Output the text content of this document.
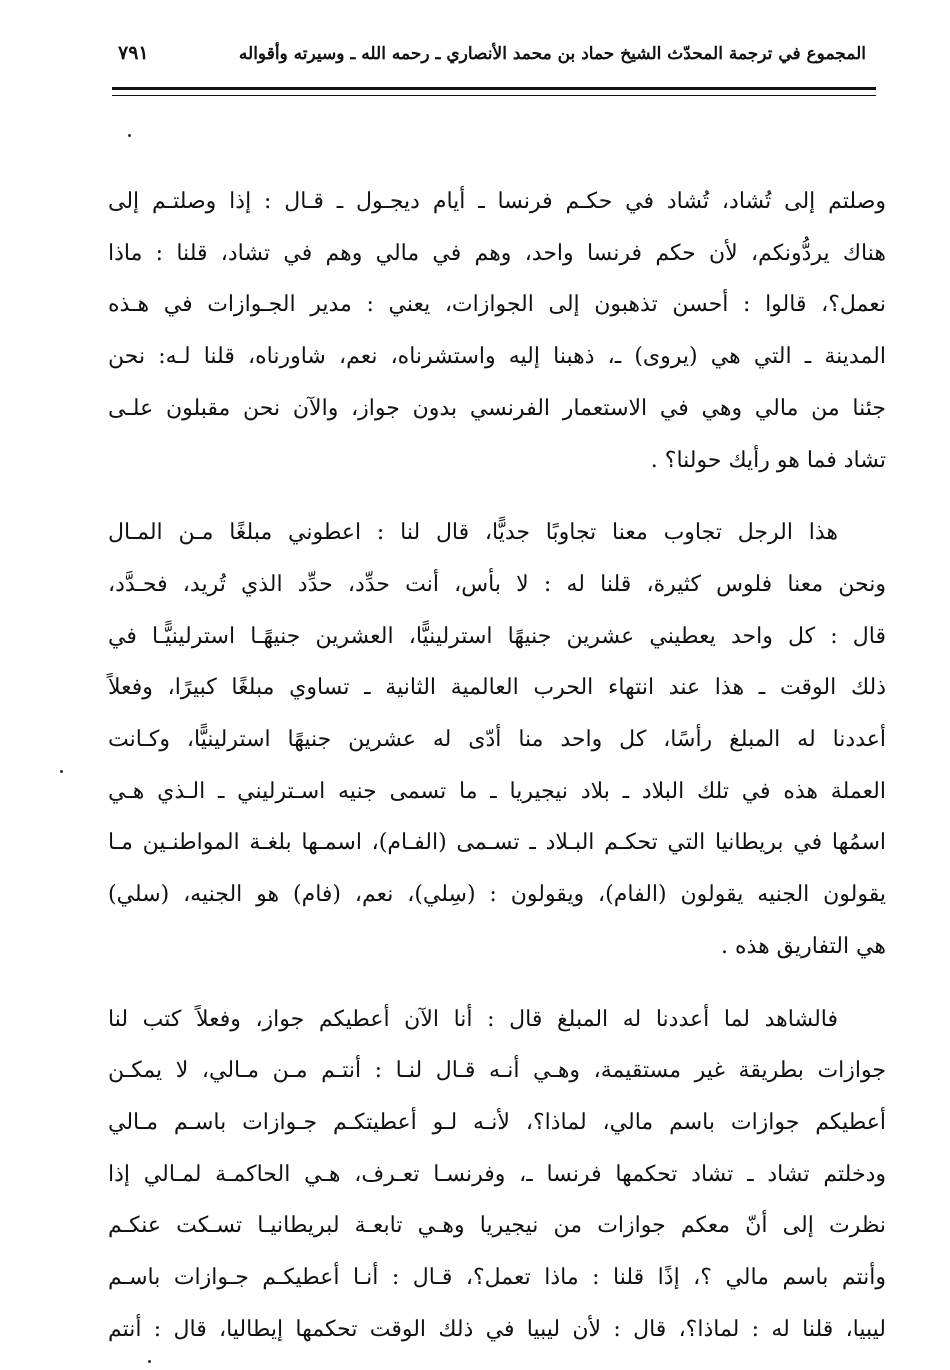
المجموع في ترجمة المحدّث الشيخ حماد بن محمد الأنصاري ـ رحمه الله ـ وسيرته وأقواله
٧٩١
وصلتم إلى تُشاد، تُشاد في حكـم فرنسا ـ أيام ديجـول ـ قـال : إذا وصلتـم إلى
هناك يردُّونكم، لأن حكم فرنسا واحد، وهم في مالي وهم في تشاد، قلنا : ماذا
نعمل؟، قالوا : أحسن تذهبون إلى الجوازات، يعني : مدير الجـوازات في هـذه
المدينة ـ التي هي (يروى) ـ، ذهبنا إليه واستشرناه، نعم، شاورناه، قلنا لـه: نحن
جئنا من مالي وهي في الاستعمار الفرنسي بدون جواز، والآن نحن مقبلون علـى
تشاد فما هو رأيك حولنا؟ .
هذا الرجل تجاوب معنا تجاوبًا جديًّا، قال لنا : اعطوني مبلغًا مـن المـال
ونحن معنا فلوس كثيرة، قلنا له : لا بأس، أنت حدِّد، حدِّد الذي تُريد، فحـدَّد،
قال : كل واحد يعطيني عشرين جنيهًا استرلينيًّا، العشرين جنيهًـا استرلينيًّـا في
ذلك الوقت ـ هذا عند انتهاء الحرب العالمية الثانية ـ تساوي مبلغًا كبيرًا، وفعلاً
أعددنا له المبلغ رأسًا، كل واحد منا أدّى له عشرين جنيهًا استرلينيًّا، وكـانت
العملة هذه في تلك البلاد ـ بلاد نيجيريا ـ ما تسمى جنيه اسـترليني ـ الـذي هـي
اسمُها في بريطانيا التي تحكـم البـلاد ـ تسـمى (الفـام)، اسمـها بلغـة المواطنـين مـا
يقولون الجنيه يقولون (الفام)، ويقولون : (سِلي)، نعم، (فام) هو الجنيه، (سلي)
هي التفاريق هذه .
فالشاهد لما أعددنا له المبلغ قال : أنا الآن أعطيكم جواز، وفعلاً كتب لنا
جوازات بطريقة غير مستقيمة، وهـي أنـه قـال لنـا : أنتـم مـن مـالي، لا يمكـن
أعطيكم جوازات باسم مالي، لماذا؟، لأنـه لـو أعطيتكـم جـوازات باسـم مـالي
ودخلتم تشاد ـ تشاد تحكمها فرنسا ـ، وفرنسـا تعـرف، هـي الحاكمـة لمـالي إذا
نظرت إلى أنّ معكم جوازات من نيجيريا وهـي تابعـة لبريطانيـا تسـكت عنكـم
وأنتم باسم مالي ؟، إذًا قلنا : ماذا تعمل؟، قـال : أنـا أعطيكـم جـوازات باسـم
ليبيا، قلنا له : لماذا؟، قال : لأن ليبيا في ذلك الوقت تحكمها إيطاليا، قال : أنتم
